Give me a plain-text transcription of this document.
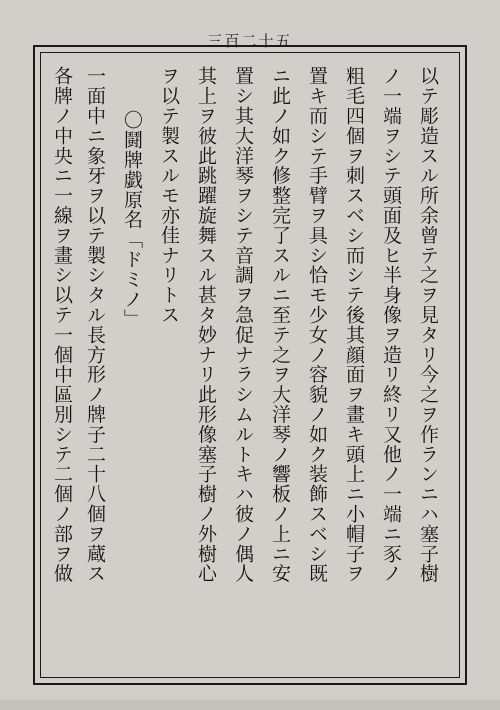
三百二十五
以テ彫造スル所余曾テ之ヲ見タリ今之ヲ作ランニハ塞子樹
ノ一端ヲシテ頭面及ヒ半身像ヲ造リ終リ又他ノ一端ニ豕ノ
粗毛四個ヲ刺スベシ而シテ後其顔面ヲ畫キ頭上ニ小帽子ヲ
置キ而シテ手臂ヲ具シ恰モ少女ノ容貌ノ如ク装飾スベシ既
ニ此ノ如ク修整完了スルニ至テ之ヲ大洋琴ノ響板ノ上ニ安
置シ其大洋琴ヲシテ音調ヲ急促ナラシムルトキハ彼ノ偶人
其上ヲ彼此跳躍旋舞スル甚タ妙ナリ此形像塞子樹ノ外樹心
ヲ以テ製スルモ亦佳ナリトス
〇鬪牌戯原名「ドミノ」
一面中ニ象牙ヲ以テ製シタル長方形ノ牌子二十八個ヲ蔵ス
各牌ノ中央ニ一線ヲ畫シ以テ一個中區別シテ二個ノ部ヲ做
